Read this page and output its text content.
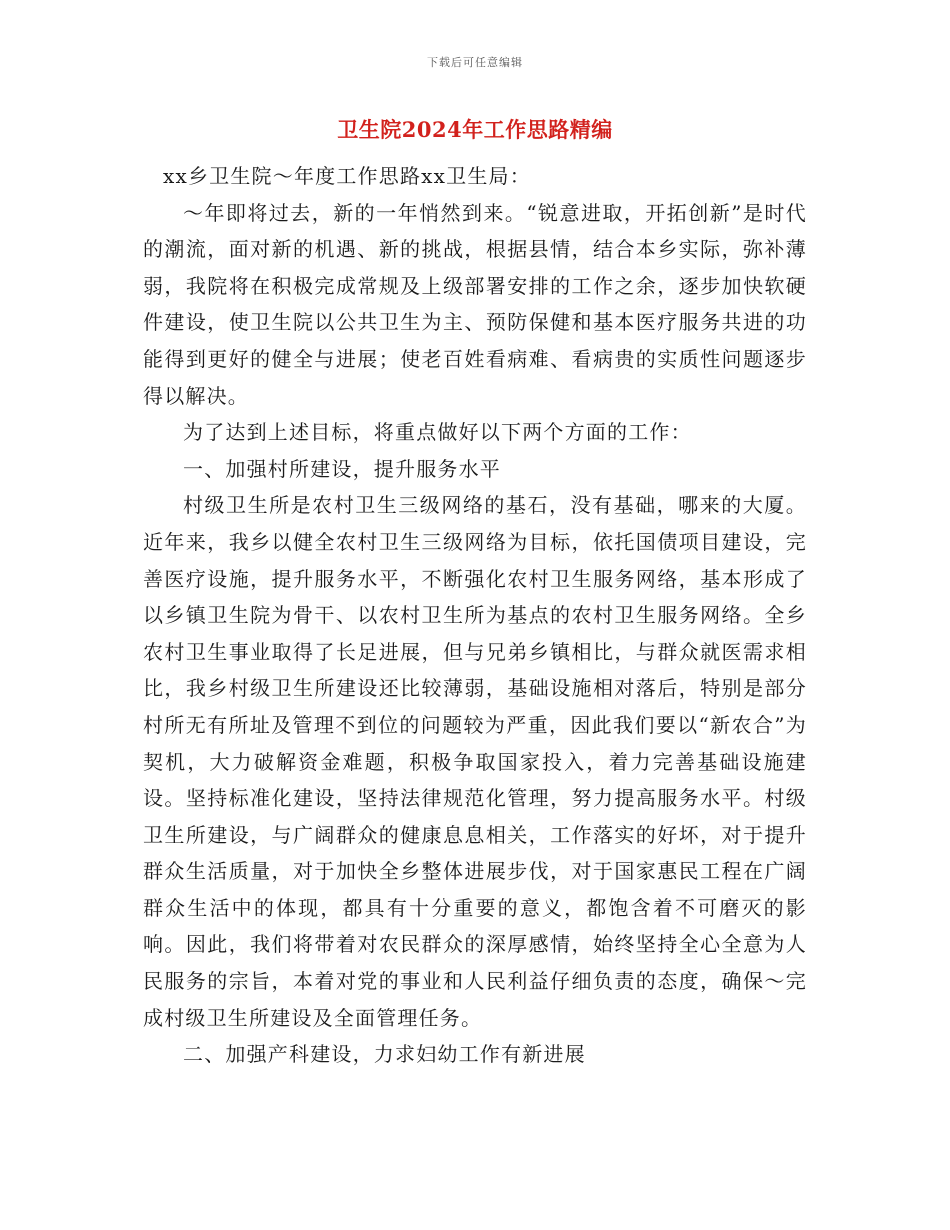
下载后可任意编辑
卫生院2024年工作思路精编

xx乡卫生院～年度工作思路xx卫生局：

～年即将过去，新的一年悄然到来。“锐意进取，开拓创新”是时代的潮流，面对新的机遇、新的挑战，根据县情，结合本乡实际，弥补薄弱，我院将在积极完成常规及上级部署安排的工作之余，逐步加快软硬件建设，使卫生院以公共卫生为主、预防保健和基本医疗服务共进的功能得到更好的健全与进展；使老百姓看病难、看病贵的实质性问题逐步得以解决。

为了达到上述目标，将重点做好以下两个方面的工作：

一、加强村所建设，提升服务水平

村级卫生所是农村卫生三级网络的基石，没有基础，哪来的大厦。近年来，我乡以健全农村卫生三级网络为目标，依托国债项目建设，完善医疗设施，提升服务水平，不断强化农村卫生服务网络，基本形成了以乡镇卫生院为骨干、以农村卫生所为基点的农村卫生服务网络。全乡农村卫生事业取得了长足进展，但与兄弟乡镇相比，与群众就医需求相比，我乡村级卫生所建设还比较薄弱，基础设施相对落后，特别是部分村所无有所址及管理不到位的问题较为严重，因此我们要以“新农合”为契机，大力破解资金难题，积极争取国家投入，着力完善基础设施建设。坚持标准化建设，坚持法律规范化管理，努力提高服务水平。村级卫生所建设，与广阔群众的健康息息相关，工作落实的好坏，对于提升群众生活质量，对于加快全乡整体进展步伐，对于国家惠民工程在广阔群众生活中的体现，都具有十分重要的意义，都饱含着不可磨灭的影响。因此，我们将带着对农民群众的深厚感情，始终坚持全心全意为人民服务的宗旨，本着对党的事业和人民利益仔细负责的态度，确保～完成村级卫生所建设及全面管理任务。

二、加强产科建设，力求妇幼工作有新进展
